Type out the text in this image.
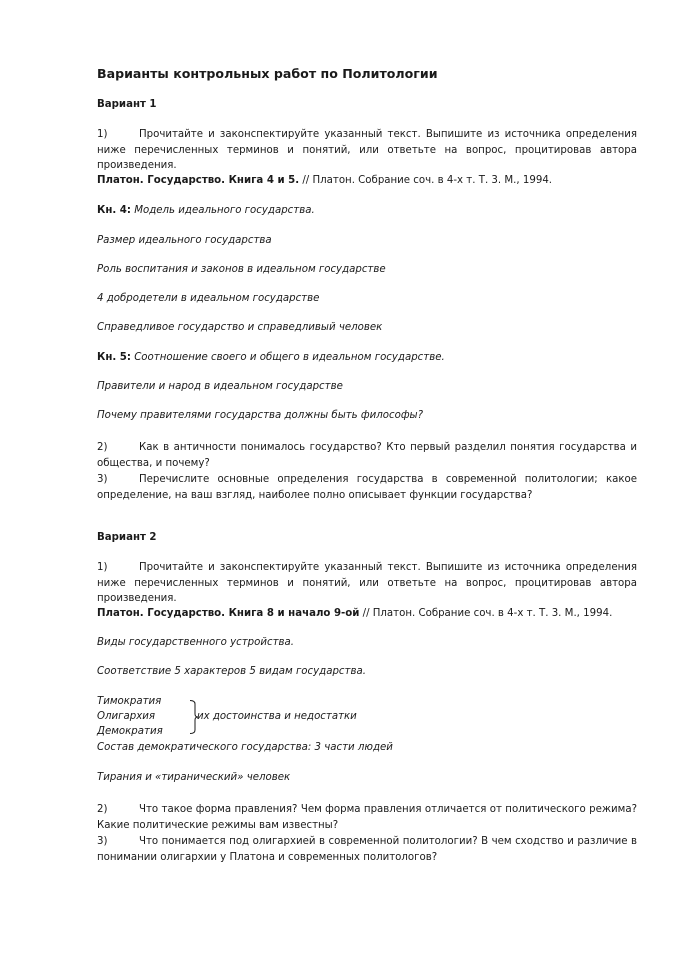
Варианты контрольных работ по Политологии
Вариант 1
1)	Прочитайте и законспектируйте указанный текст. Выпишите из источника определения ниже перечисленных терминов и понятий, или ответьте на вопрос, процитировав автора произведения.
Платон. Государство. Книга 4 и 5. // Платон. Собрание соч. в 4-х т. Т. 3. М., 1994.
Кн. 4: Модель идеального государства.
Размер идеального государства
Роль воспитания и законов в идеальном государстве
4 добродетели в идеальном государстве
Справедливое государство и справедливый человек
Кн. 5: Соотношение своего и общего в идеальном государстве.
Правители и народ в идеальном государстве
Почему правителями государства должны быть философы?
2)	Как в античности понималось государство? Кто первый разделил понятия государства и общества, и почему?
3)	Перечислите основные определения государства в современной политологии; какое определение, на ваш взгляд, наиболее полно описывает функции государства?
Вариант 2
1)	Прочитайте и законспектируйте указанный текст. Выпишите из источника определения ниже перечисленных терминов и понятий, или ответьте на вопрос, процитировав автора произведения.
Платон. Государство. Книга 8 и начало 9-ой // Платон. Собрание соч. в 4-х т. Т. 3. М., 1994.
Виды государственного устройства.
Соответствие 5 характеров 5 видам государства.
Тимократия
Олигархия
Демократия
их достоинства и недостатки
Состав демократического государства: 3 части людей
Тирания и «тиранический» человек
2)	Что такое форма правления? Чем форма правления отличается от политического режима? Какие политические режимы вам известны?
3)	Что понимается под олигархией в современной политологии? В чем сходство и различие в понимании олигархии у Платона и современных политологов?
